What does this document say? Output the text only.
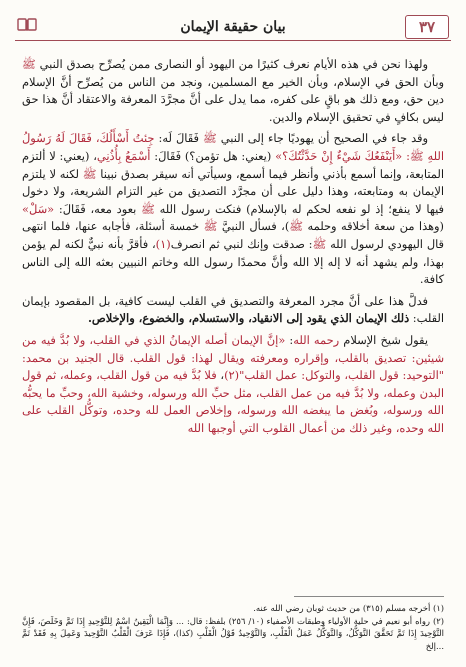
٣٧
بيان حقيقة الإيمان

ولهذا نحن في هذه الأيام نعرف كثيرًا من اليهود أو النصارى ممن يُصرِّح بصدق النبي ﷺ وبأن الحق في الإسلام، وبأن الخير مع المسلمين، ونجد من الناس من يُصرِّح أنَّ الإسلام دين حق، ومع ذلك هو باقٍ على كفره، مما يدل على أنَّ مجرَّدَ المعرفة والاعتقاد أنَّ هذا حق ليس بكافٍ في تحقيق الإسلام والدين.

وقد جاء في الصحيح أن يهوديًا جاء إلى النبي ﷺ فَقَالَ لَه: جِئتُ أَسْأَلُكَ، فَقَالَ لَهُ رَسُولُ اللهِ ﷺ: «أَيَنْفَعُكَ شَيْءٌ إِنْ حَدَّثْتُكَ؟» (يعني: هل تؤمن؟) فَقَالَ: أَسْمَعُ بِأُذُنِي، (يعني: لا ألتزم المتابعة، وإنما أسمع بأذني وأنظر فيما أسمع، وسيأتي أنه سيقر بصدق نبينا ﷺ لكنه لا يلتزم الإيمان به ومتابعته، وهذا دليل على أن مجرَّد التصديق من غير التزام الشريعة، ولا دخول فيها لا ينفع؛ إذ لو نفعه لحكم له بالإسلام) فنكت رسول الله ﷺ بعود معه، فَقَالَ: «سَلْ» (وهذا من سعة أخلاقه وحلمه ﷺ)، فسأل النبيَّ ﷺ خمسة أسئلة، فأجابه عنها، فلما انتهى قال اليهودي لرسول الله ﷺ: صدقت وإنك لنبي ثم انصرف(١)، فأقرَّ بأنه نبيٌّ لكنه لم يؤمن بهذا، ولم يشهد أنه لا إله إلا الله وأنَّ محمدًا رسول الله وخاتم النبيين بعثه الله إلى الناس كافة.

فدلَّ هذا على أنَّ مجرد المعرفة والتصديق في القلب ليست كافية، بل المقصود بإيمان القلب: ذلك الإيمان الذي يقود إلى الانقياد، والاستسلام، والخضوع، والإخلاص.

يقول شيخ الإسلام رحمه الله: «إنَّ الإيمان أصله الإيمانُ الذي في القلب، ولا بُدَّ فيه من شيئين: تصديق بالقلب، وإقراره ومعرفته ويقال لهذا: قول القلب. قال الجنيد بن محمد: "التوحيد: قول القلب، والتوكل: عمل القلب"(٢)، فلا بُدَّ فيه من قول القلب، وعمله، ثم قول البدن وعمله، ولا بُدَّ فيه من عمل القلب، مثل حبِّ الله ورسوله، وخشية الله، وحبِّ ما يحبُّه الله ورسوله، وبُغض ما يبغضه الله ورسوله، وإخلاص العمل لله وحده، وتوكُّل القلب على الله وحده، وغير ذلك من أعمال القلوب التي أوجبها الله

(١) أخرجه مسلم (٣١٥) من حديث ثوبان رضي الله عنه.

(٢) رواه أبو نعيم في حلية الأولياء وطبقات الأصفياء (١٠/ ٢٥٦) بلفظ: قال: ... وَإِنَّمَا الْيَقِينُ اسْمٌ لِلتَّوْحِيدِ إِذَا تَمَّ وَخَلَصَ، فَإِنَّ التَّوْحِيدَ إِذَا تَمَّ تَحَقَّقَ التَّوَكُّلُ، وَالتَّوَكُّلُ عَمَلُ الْقَلْبِ، وَالتَّوْحِيدُ قَوْلُ الْقَلْبِ (كذا)، فَإِذَا عَرَفَ الْقَلْبُ التَّوْحِيدَ وَعَمِلَ بِهِ فَقَدْ تَمَّ ...إلخ
